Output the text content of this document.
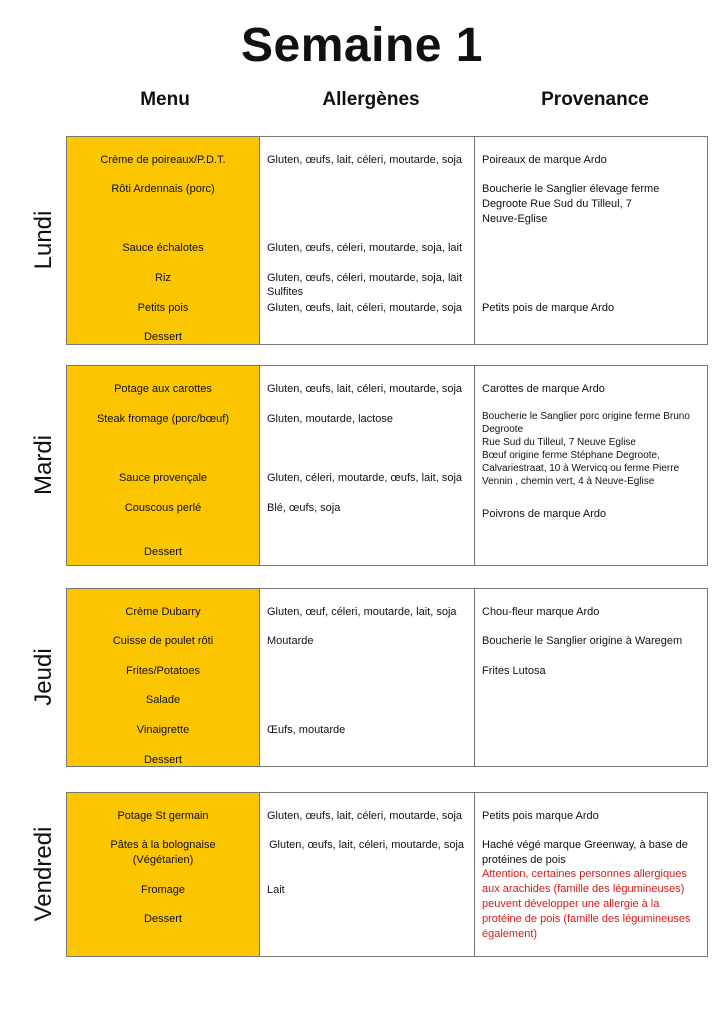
Semaine 1
Menu	Allergènes	Provenance
Lundi
Crème de poireaux/P.D.T.
Rôti Ardennais (porc)
Sauce échalotes
Riz
Petits pois
Dessert
Gluten, œufs, lait, céleri, moutarde, soja
Gluten, œufs, céleri, moutarde, soja, lait
Gluten, œufs, céleri, moutarde, soja, lait
Sulfites
Gluten, œufs, lait, céleri, moutarde, soja
Poireaux de marque Ardo
Boucherie le Sanglier élevage ferme
Degroote Rue Sud du Tilleul, 7
Neuve-Eglise
Petits pois de marque Ardo
Mardi
Potage aux carottes
Steak fromage (porc/bœuf)
Sauce provençale
Couscous perlé
Dessert
Gluten, œufs, lait, céleri, moutarde, soja
Gluten, moutarde, lactose
Gluten, céleri, moutarde, œufs, lait, soja
Blé, œufs, soja
Carottes de marque Ardo
Boucherie le Sanglier porc origine ferme Bruno
Degroote
Rue Sud du Tilleul, 7 Neuve Eglise
Bœuf origine ferme Stéphane Degroote,
Calvariestraat, 10 à Wervicq ou ferme Pierre
Vennin , chemin vert, 4 à Neuve-Eglise
Poivrons de marque Ardo
Jeudi
Crème Dubarry
Cuisse de poulet rôti
Frites/Potatoes
Salade
Vinaigrette
Dessert
Gluten, œuf, céleri, moutarde, lait, soja
Moutarde
Œufs, moutarde
Chou-fleur marque Ardo
Boucherie le Sanglier origine à Waregem
Frites Lutosa
Vendredi
Potage St germain
Pâtes à la bolognaise
(Végétarien)
Fromage
Dessert
Gluten, œufs, lait, céleri, moutarde, soja
Gluten, œufs, lait, céleri, moutarde, soja
Lait
Petits pois marque Ardo
Haché végé marque Greenway, à base de
protéines de pois
Attention, certaines personnes allergiques
aux arachides (famille des légumineuses)
peuvent développer une allergie à la
protéine de pois (famille des légumineuses
également)
